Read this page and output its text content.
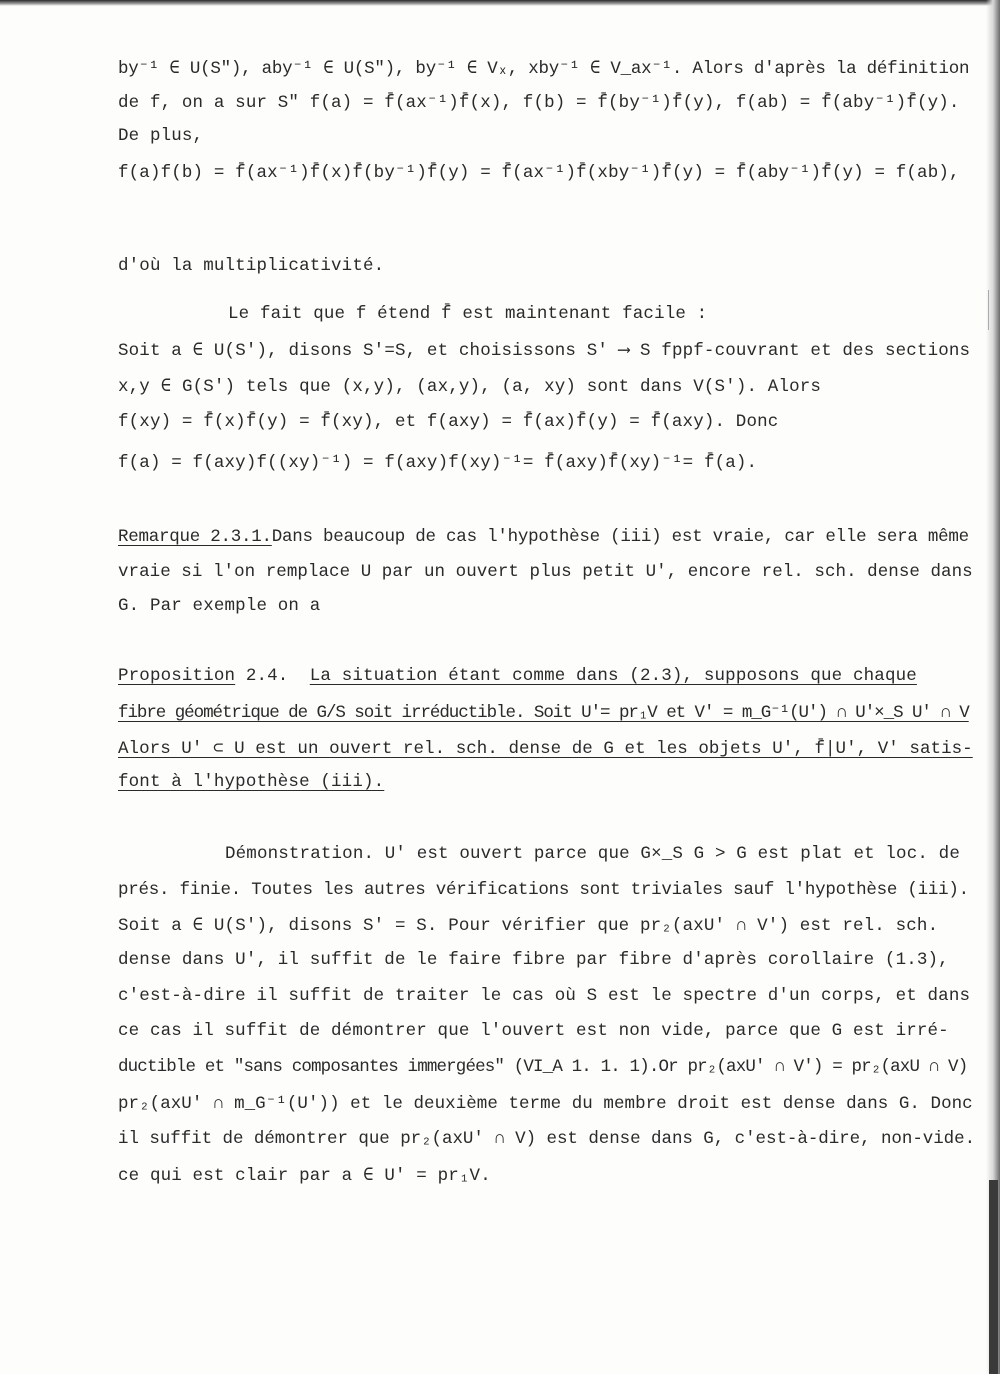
by⁻¹ ∈ U(S"), aby⁻¹ ∈ U(S"), by⁻¹ ∈ Vₓ, xby⁻¹ ∈ V_ax⁻¹. Alors d'après la définition
de f, on a sur S" f(a) = f̄(ax⁻¹)f̄(x), f(b) = f̄(by⁻¹)f̄(y), f(ab) = f̄(aby⁻¹)f̄(y).
De plus,
f(a)f(b) = f̄(ax⁻¹)f̄(x)f̄(by⁻¹)f̄(y) = f̄(ax⁻¹)f̄(xby⁻¹)f̄(y) = f̄(aby⁻¹)f̄(y) = f(ab),
d'où la multiplicativité.
Le fait que f étend f̄ est maintenant facile :
Soit a ∈ U(S'), disons S'=S, et choisissons S' ⟶ S fppf-couvrant et des sections
x,y ∈ G(S') tels que (x,y), (ax,y), (a, xy) sont dans V(S'). Alors
f(xy) = f̄(x)f̄(y) = f̄(xy), et f(axy) = f̄(ax)f̄(y) = f̄(axy). Donc
f(a) = f(axy)f((xy)⁻¹) = f(axy)f(xy)⁻¹= f̄(axy)f̄(xy)⁻¹= f̄(a).
Remarque 2.3.1.Dans beaucoup de cas l'hypothèse (iii) est vraie, car elle sera même
vraie si l'on remplace U par un ouvert plus petit U', encore rel. sch. dense dans
G. Par exemple on a
Proposition 2.4. La situation étant comme dans (2.3), supposons que chaque
fibre géométrique de G/S soit irréductible. Soit U'= pr₁V et V' = m_G⁻¹(U') ∩ U'×_S U' ∩ V
Alors U' ⊂ U est un ouvert rel. sch. dense de G et les objets U', f̄|U', V' satis-
font à l'hypothèse (iii).
Démonstration. U' est ouvert parce que G×_S G > G est plat et loc. de
prés. finie. Toutes les autres vérifications sont triviales sauf l'hypothèse (iii).
Soit a ∈ U(S'), disons S' = S. Pour vérifier que pr₂(axU' ∩ V') est rel. sch.
dense dans U', il suffit de le faire fibre par fibre d'après corollaire (1.3),
c'est-à-dire il suffit de traiter le cas où S est le spectre d'un corps, et dans
ce cas il suffit de démontrer que l'ouvert est non vide, parce que G est irré-
ductible et "sans composantes immergées" (VI_A 1. 1. 1).Or pr₂(axU' ∩ V') = pr₂(axU ∩ V)
pr₂(axU' ∩ m_G⁻¹(U')) et le deuxième terme du membre droit est dense dans G. Donc
il suffit de démontrer que pr₂(axU' ∩ V) est dense dans G, c'est-à-dire, non-vide.
ce qui est clair par a ∈ U' = pr₁V.
